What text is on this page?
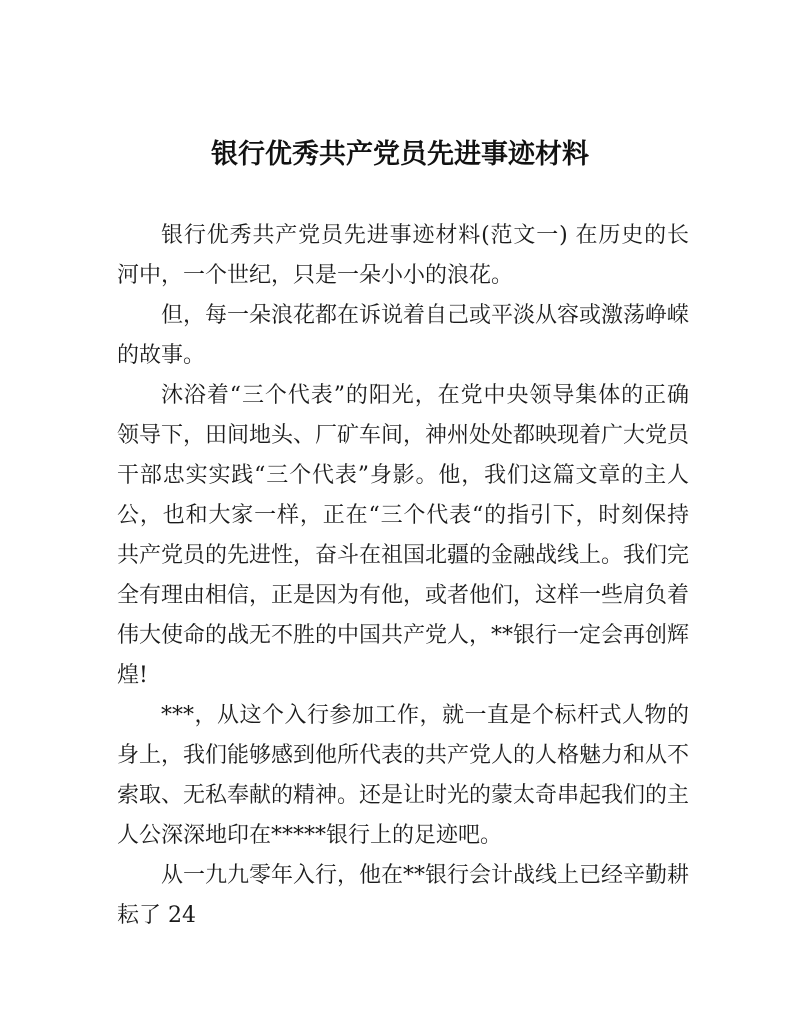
银行优秀共产党员先进事迹材料

银行优秀共产党员先进事迹材料(范文一) 在历史的长河中，一个世纪，只是一朵小小的浪花。

但，每一朵浪花都在诉说着自己或平淡从容或激荡峥嵘的故事。

沐浴着“三个代表”的阳光，在党中央领导集体的正确领导下，田间地头、厂矿车间，神州处处都映现着广大党员干部忠实实践“三个代表”身影。他，我们这篇文章的主人公，也和大家一样，正在“三个代表“的指引下，时刻保持共产党员的先进性，奋斗在祖国北疆的金融战线上。我们完全有理由相信，正是因为有他，或者他们，这样一些肩负着伟大使命的战无不胜的中国共产党人，**银行一定会再创辉煌!

***，从这个入行参加工作，就一直是个标杆式人物的身上，我们能够感到他所代表的共产党人的人格魅力和从不索取、无私奉献的精神。还是让时光的蒙太奇串起我们的主人公深深地印在*****银行上的足迹吧。

从一九九零年入行，他在**银行会计战线上已经辛勤耕耘了 24
